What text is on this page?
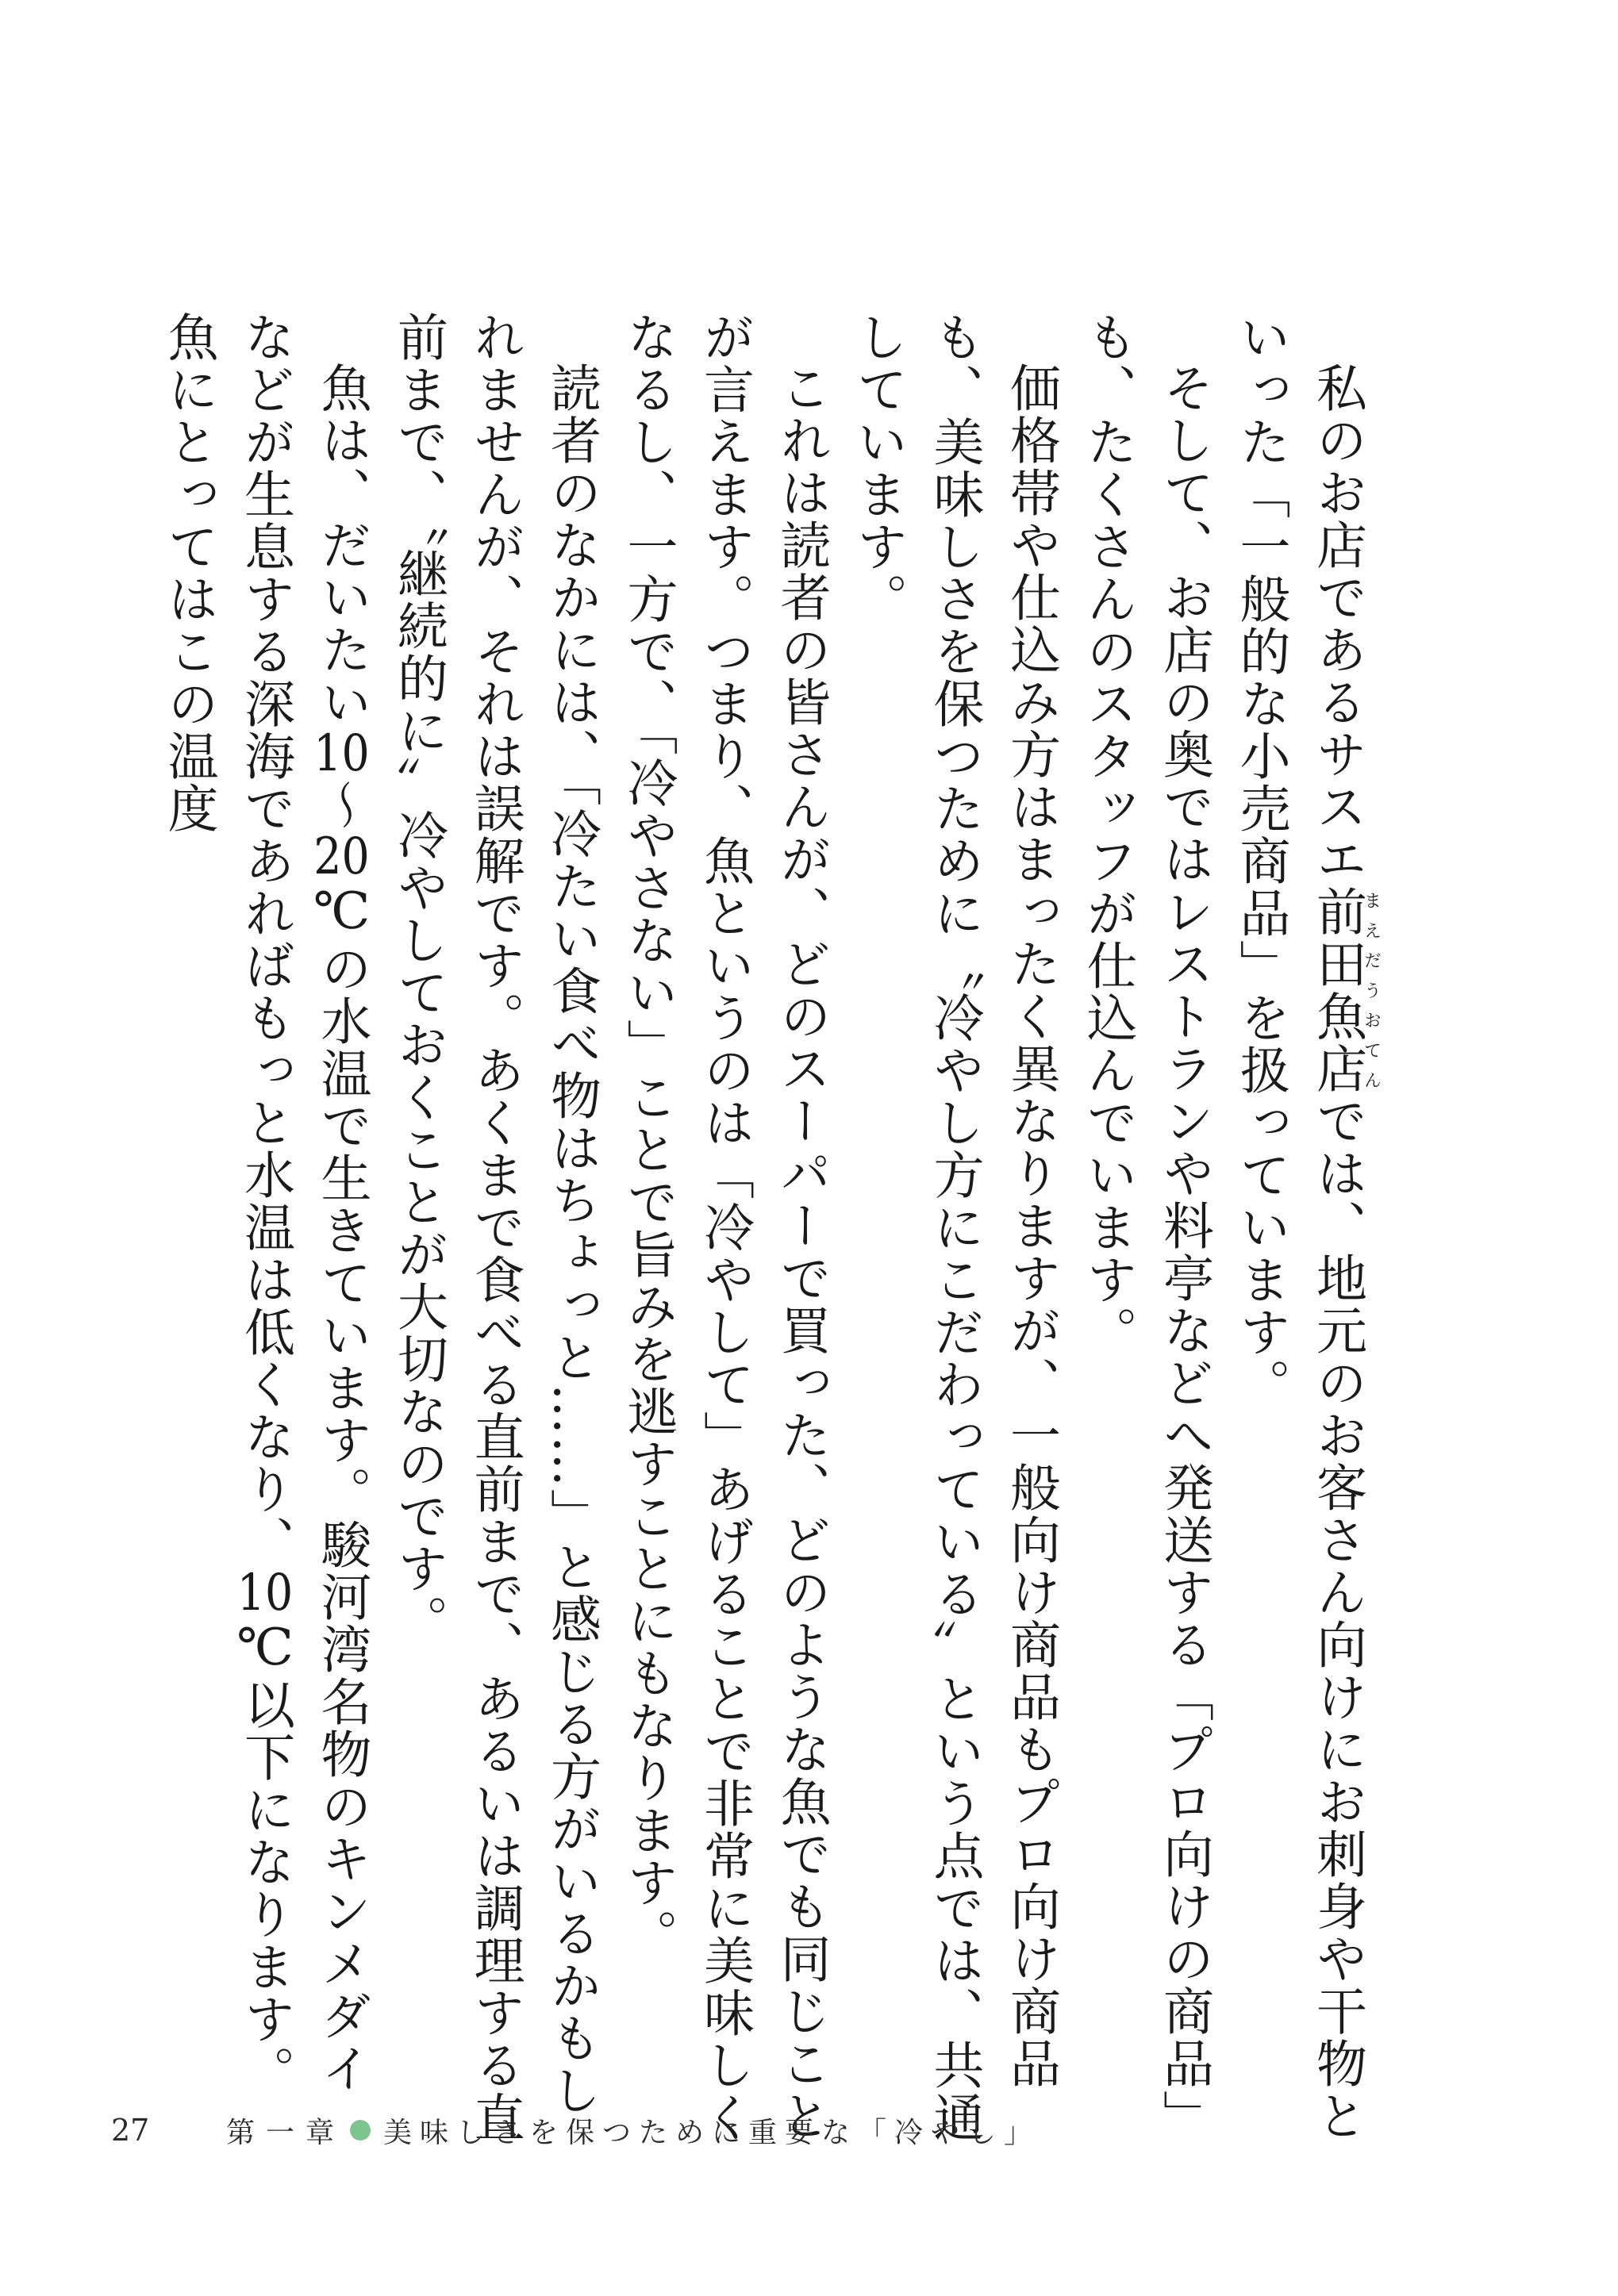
私のお店であるサスエ前田魚店まえだうおてんでは、地元のお客さん向けにお刺身や干物といった「一般的な小売商品」を扱っています。

そして、お店の奥ではレストランや料亭などへ発送する「プロ向けの商品」も、たくさんのスタッフが仕込んでいます。

価格帯や仕込み方はまったく異なりますが、一般向け商品もプロ向け商品も、美味しさを保つために〝冷やし方にこだわっている〟という点では、共通しています。

これは読者の皆さんが、どのスーパーで買った、どのような魚でも同じことが言えます。つまり、魚というのは「冷やして」あげることで非常に美味しくなるし、一方で、「冷やさない」ことで旨みを逃すことにもなります。

読者のなかには、「冷たい食べ物はちょっと……」と感じる方がいるかもしれませんが、それは誤解です。あくまで食べる直前まで、あるいは調理する直前まで、〝継続的に〟冷やしておくことが大切なのです。

魚は、だいたい10～20℃の水温で生きています。駿河湾名物のキンメダイなどが生息する深海であればもっと水温は低くなり、10℃以下になります。魚にとってはこの温度

27	第一章 美味しさを保つために重要な「冷やし」
